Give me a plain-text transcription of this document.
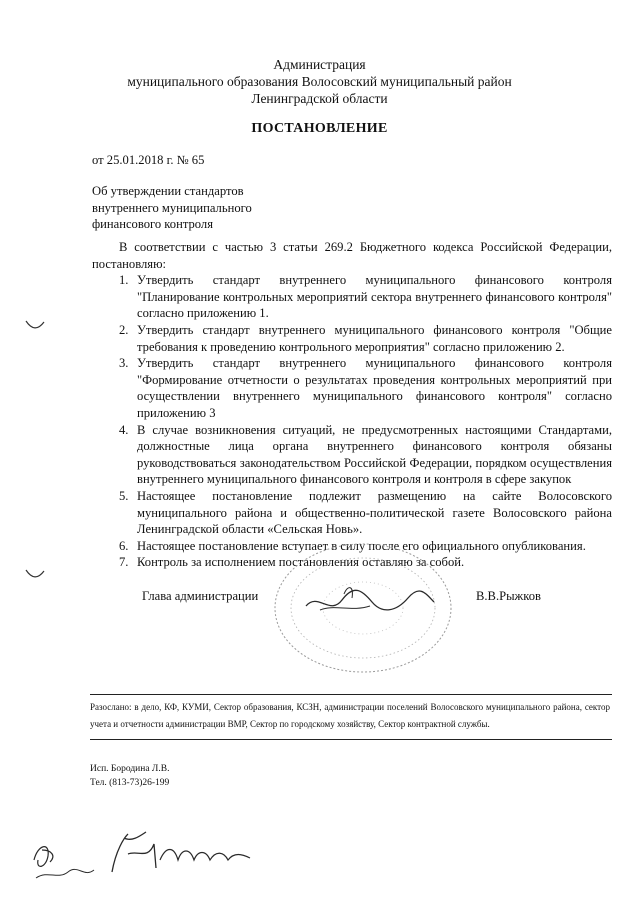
Администрация
муниципального образования Волосовский муниципальный район
Ленинградской области
ПОСТАНОВЛЕНИЕ
от 25.01.2018 г. № 65
Об утверждении стандартов
внутреннего муниципального
финансового контроля
В соответствии с частью 3 статьи 269.2 Бюджетного кодекса Российской Федерации, постановляю:
1. Утвердить стандарт внутреннего муниципального финансового контроля "Планирование контрольных мероприятий сектора внутреннего финансового контроля" согласно приложению 1.
2. Утвердить стандарт внутреннего муниципального финансового контроля "Общие требования к проведению контрольного мероприятия" согласно приложению 2.
3. Утвердить стандарт внутреннего муниципального финансового контроля "Формирование отчетности о результатах проведения контрольных мероприятий при осуществлении внутреннего муниципального финансового контроля" согласно приложению 3
4. В случае возникновения ситуаций, не предусмотренных настоящими Стандартами, должностные лица органа внутреннего финансового контроля обязаны руководствоваться законодательством Российской Федерации, порядком осуществления внутреннего муниципального финансового контроля и контроля в сфере закупок
5. Настоящее постановление подлежит размещению на сайте Волосовского муниципального района и общественно-политической газете Волосовского района Ленинградской области «Сельская Новь».
6. Настоящее постановление вступает в силу после его официального опубликования.
7. Контроль за исполнением постановления оставляю за собой.
Глава администрации	В.В.Рыжков
Разослано: в дело, КФ, КУМИ, Сектор образования, КСЗН, администрации поселений Волосовского муниципального района, сектор учета и отчетности администрации ВМР, Сектор по городскому хозяйству, Сектор контрактной службы.
Исп. Бородина Л.В.
Тел. (813-73)26-199
